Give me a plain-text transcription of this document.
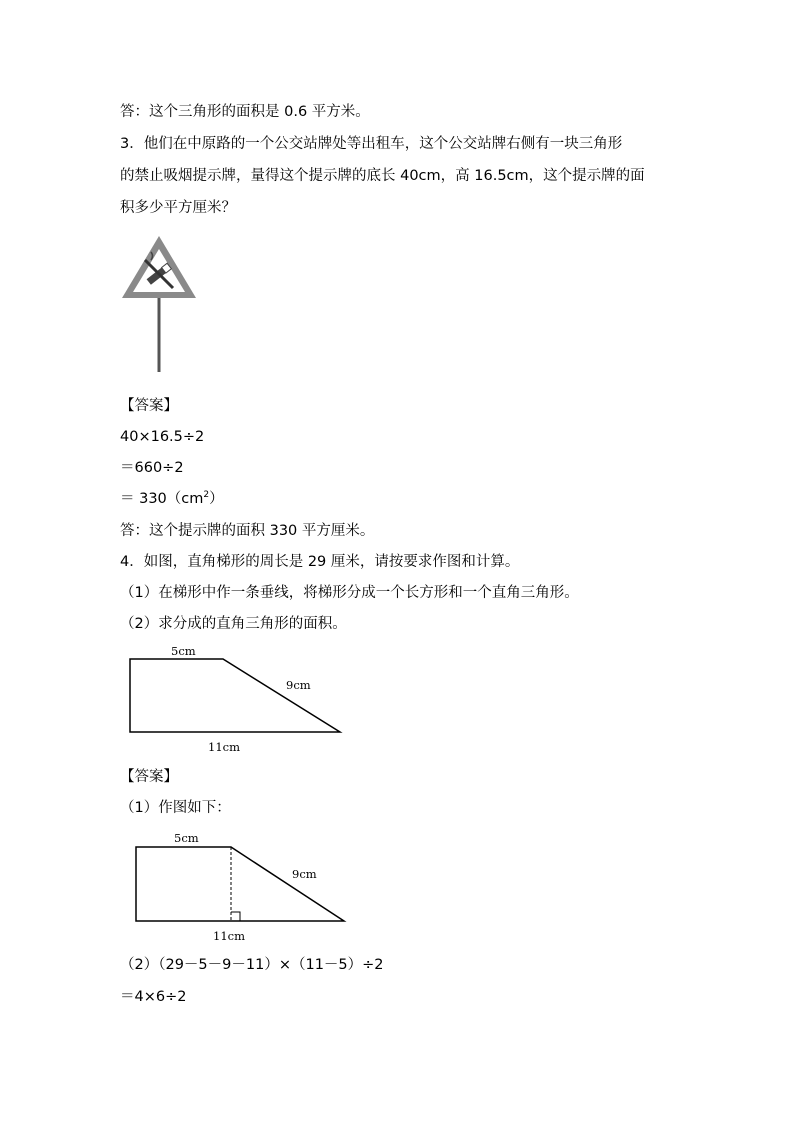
答：这个三角形的面积是 0.6 平方米。
3．他们在中原路的一个公交站牌处等出租车，这个公交站牌右侧有一块三角形
的禁止吸烟提示牌，量得这个提示牌的底长 40cm，高 16.5cm，这个提示牌的面
积多少平方厘米？
【答案】
40×16.5÷2
＝660÷2
＝ $330(cm^2)$
答：这个提示牌的面积 330 平方厘米。
4．如图，直角梯形的周长是 29 厘米，请按要求作图和计算。
（1）在梯形中作一条垂线，将梯形分成一个长方形和一个直角三角形。
（2）求分成的直角三角形的面积。
5cm
9cm
11cm
【答案】
（1）作图如下：
5cm
9cm
11cm
（2）（29－5－9－11）×（11－5）÷2
＝4×6÷2
